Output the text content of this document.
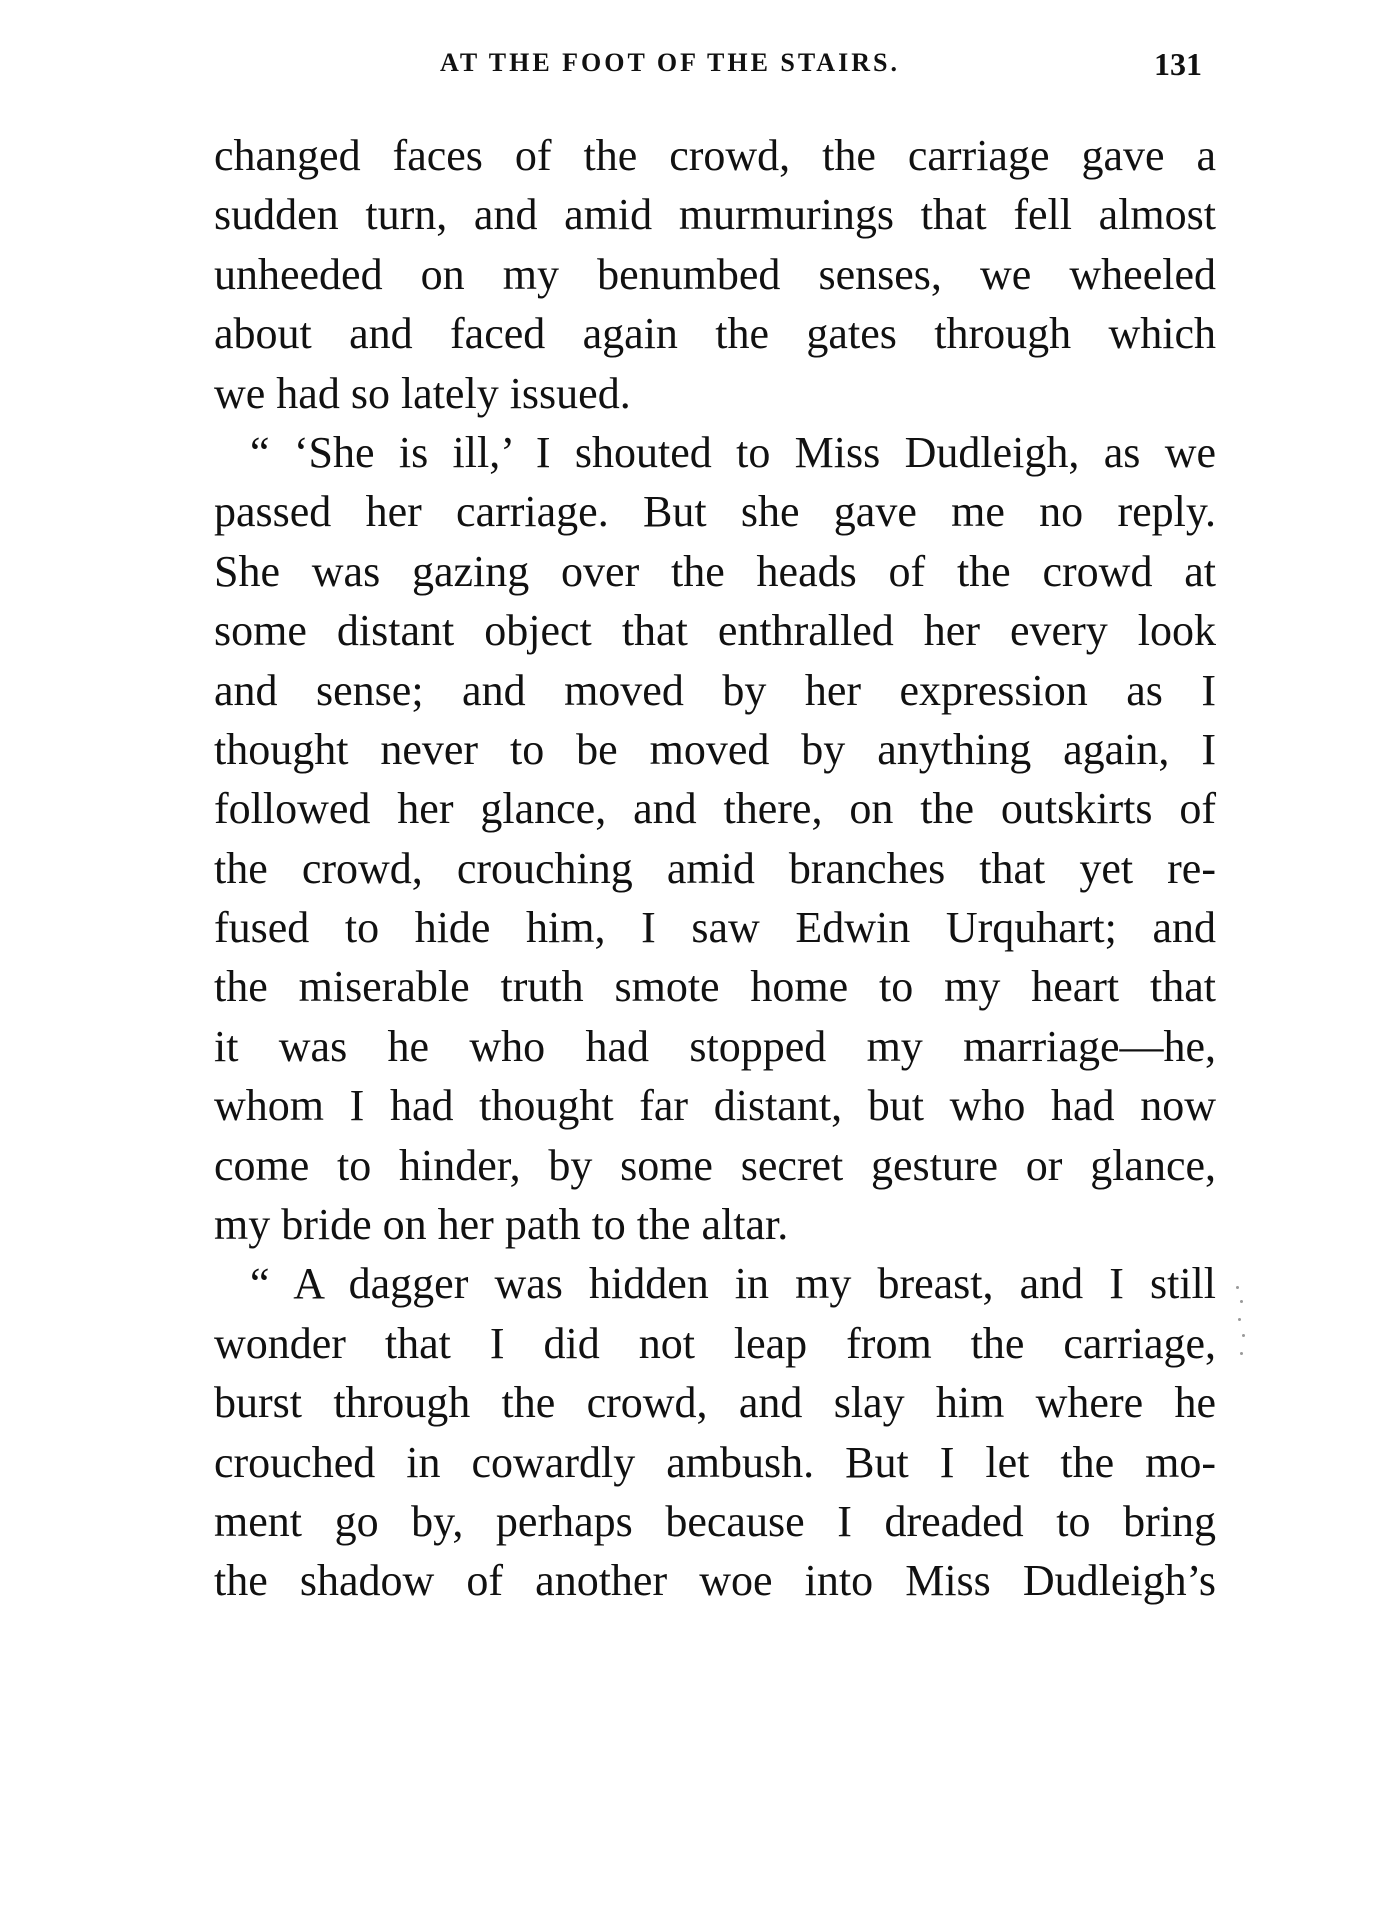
AT THE FOOT OF THE STAIRS.	131
changed faces of the crowd, the carriage gave a
sudden turn, and amid murmurings that fell almost
unheeded on my benumbed senses, we wheeled
about and faced again the gates through which
we had so lately issued.
“ ‘She is ill,’ I shouted to Miss Dudleigh, as we
passed her carriage. But she gave me no reply.
She was gazing over the heads of the crowd at
some distant object that enthralled her every look
and sense; and moved by her expression as I
thought never to be moved by anything again, I
followed her glance, and there, on the outskirts of
the crowd, crouching amid branches that yet re-
fused to hide him, I saw Edwin Urquhart; and
the miserable truth smote home to my heart that
it was he who had stopped my marriage—he,
whom I had thought far distant, but who had now
come to hinder, by some secret gesture or glance,
my bride on her path to the altar.
“ A dagger was hidden in my breast, and I still
wonder that I did not leap from the carriage,
burst through the crowd, and slay him where he
crouched in cowardly ambush. But I let the mo-
ment go by, perhaps because I dreaded to bring
the shadow of another woe into Miss Dudleigh’s
